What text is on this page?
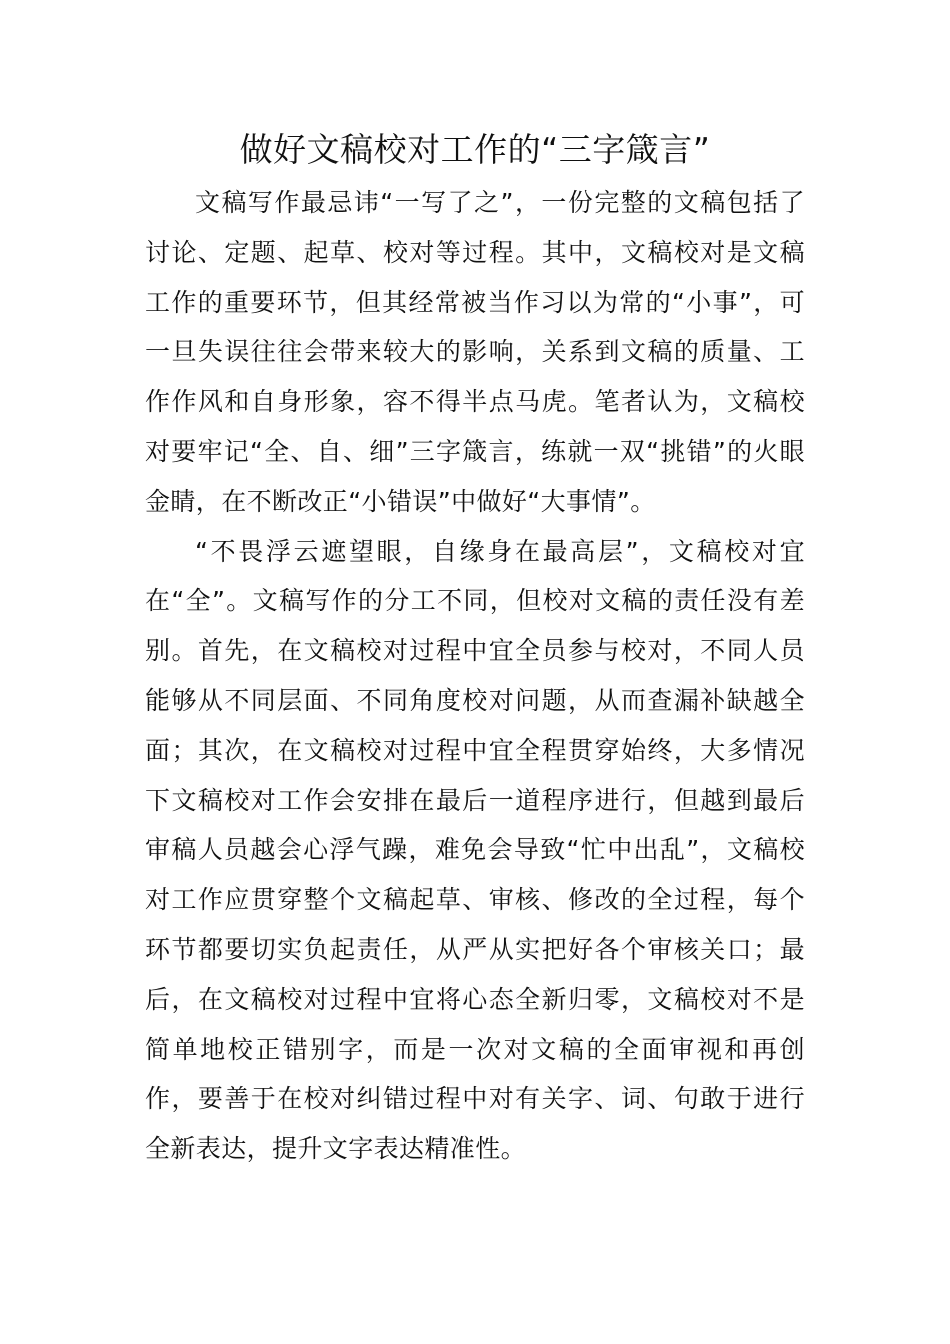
做好文稿校对工作的“三字箴言”

文稿写作最忌讳“一写了之”，一份完整的文稿包括了讨论、定题、起草、校对等过程。其中，文稿校对是文稿工作的重要环节，但其经常被当作习以为常的“小事”，可一旦失误往往会带来较大的影响，关系到文稿的质量、工作作风和自身形象，容不得半点马虎。笔者认为，文稿校对要牢记“全、自、细”三字箴言，练就一双“挑错”的火眼金睛，在不断改正“小错误”中做好“大事情”。

“不畏浮云遮望眼，自缘身在最高层”，文稿校对宜在“全”。文稿写作的分工不同，但校对文稿的责任没有差别。首先，在文稿校对过程中宜全员参与校对，不同人员能够从不同层面、不同角度校对问题，从而查漏补缺越全面；其次，在文稿校对过程中宜全程贯穿始终，大多情况下文稿校对工作会安排在最后一道程序进行，但越到最后审稿人员越会心浮气躁，难免会导致“忙中出乱”，文稿校对工作应贯穿整个文稿起草、审核、修改的全过程，每个环节都要切实负起责任，从严从实把好各个审核关口；最后，在文稿校对过程中宜将心态全新归零，文稿校对不是简单地校正错别字，而是一次对文稿的全面审视和再创作，要善于在校对纠错过程中对有关字、词、句敢于进行全新表达，提升文字表达精准性。
